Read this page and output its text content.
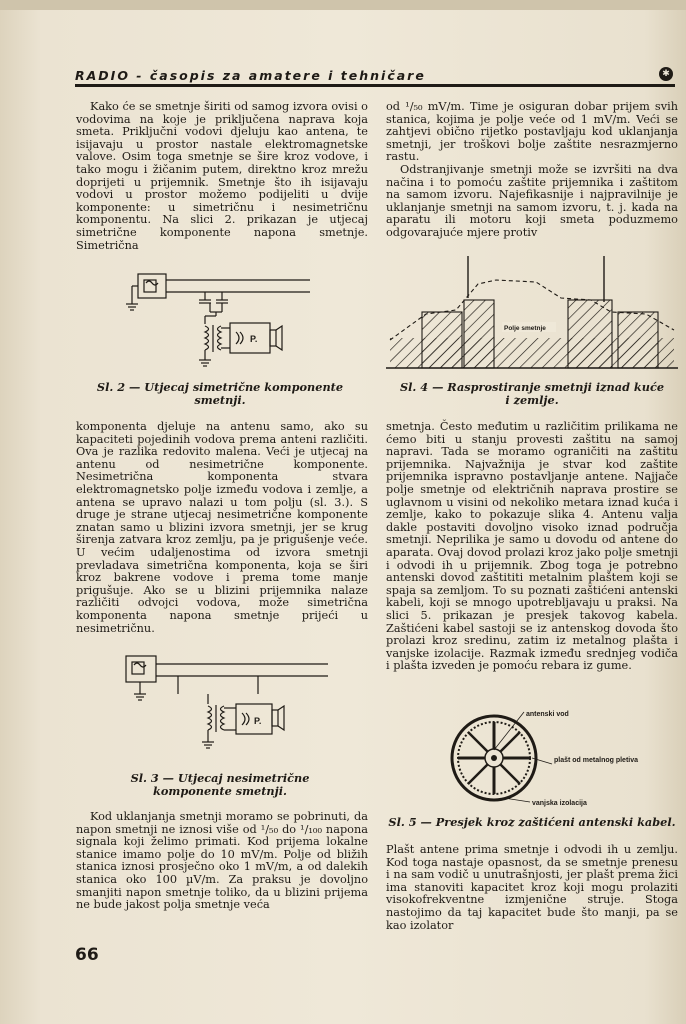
RADIO - časopis za amatere i tehničare	✱

Kako će se smetnje širiti od samog izvora ovisi o vodovima na koje je priključena naprava koja smeta. Priključni vodovi djeluju kao antena, te isijavaju u prostor nastale elektromagnetske valove. Osim toga smetnje se šire kroz vodove, i tako mogu i žičanim putem, direktno kroz mrežu doprijeti u prijemnik. Smetnje što ih isijavaju vodovi u prostor možemo podijeliti u dvije komponente: u simetričnu i nesimetričnu komponentu. Na slici 2. prikazan je utjecaj simetrične komponente napona smetnje. Simetrična

P.
Sl. 2 — Utjecaj simetrične komponente smetnji.

komponenta djeluje na antenu samo, ako su kapaciteti pojedinih vodova prema anteni različiti. Ova je razlika redovito malena. Veći je utjecaj na antenu od nesimetrične komponente. Nesimetrična komponenta stvara elektromagnetsko polje između vodova i zemlje, a antena se upravo nalazi u tom polju (sl. 3.). S druge je strane utjecaj nesimetrične komponente znatan samo u blizini izvora smetnji, jer se krug širenja zatvara kroz zemlju, pa je prigušenje veće. U većim udaljenostima od izvora smetnji prevladava simetrična komponenta, koja se širi kroz bakrene vodove i prema tome manje prigušuje. Ako se u blizini prijemnika nalaze različiti odvojci vodova, može simetrična komponenta napona smetnje prijeći u nesimetričnu.

P.
Sl. 3 — Utjecaj nesimetrične komponente smetnji.

Kod uklanjanja smetnji moramo se pobrinuti, da napon smetnji ne iznosi više od ¹/₅₀ do ¹/₁₀₀ napona signala koji želimo primati. Kod prijema lokalne stanice imamo polje do 10 mV/m. Polje od bližih stanica iznosi prosječno oko 1 mV/m, a od dalekih stanica oko 100 µV/m. Za praksu je dovoljno smanjiti napon smetnje toliko, da u blizini prijema ne bude jakost polja smetnje veća

66

od ¹/₅₀ mV/m. Time je osiguran dobar prijem svih stanica, kojima je polje veće od 1 mV/m. Veći se zahtjevi obično rijetko postavljaju kod uklanjanja smetnji, jer troškovi bolje zaštite nesrazmjerno rastu.

Odstranjivanje smetnji može se izvršiti na dva načina i to pomoću zaštite prijemnika i zaštitom na samom izvoru. Najefikasnije i najpravilnije je uklanjanje smetnji na samom izvoru, t. j. kada na aparatu ili motoru koji smeta poduzmemo odgovarajuće mjere protiv

Polje smetnje
Sl. 4 — Rasprostiranje smetnji iznad kuće i zemlje.

smetnja. Često međutim u različitim prilikama ne ćemo biti u stanju provesti zaštitu na samoj napravi. Tada se moramo ograničiti na zaštitu prijemnika. Najvažnija je stvar kod zaštite prijemnika ispravno postavljanje antene. Najjače polje smetnje od električnih naprava prostire se uglavnom u visini od nekoliko metara iznad kuća i zemlje, kako to pokazuje slika 4. Antenu valja dakle postaviti dovoljno visoko iznad područja smetnji. Neprilika je samo u dovodu od antene do aparata. Ovaj dovod prolazi kroz jako polje smetnji i odvodi ih u prijemnik. Zbog toga je potrebno antenski dovod zaštititi metalnim plaštem koji se spaja sa zemljom. To su poznati zaštićeni antenski kabeli, koji se mnogo upotrebljavaju u praksi. Na slici 5. prikazan je presjek takovog kabela. Zaštićeni kabel sastoji se iz antenskog dovoda što prolazi kroz sredinu, zatim iz metalnog plašta i vanjske izolacije. Razmak između srednjeg vodiča i plašta izveden je pomoću rebara iz gume.

antenski vod
plašt od metalnog pletiva
vanjska izolacija
Sl. 5 — Presjek kroz zaštićeni antenski kabel.

Plašt antene prima smetnje i odvodi ih u zemlju. Kod toga nastaje opasnost, da se smetnje prenesu i na sam vodič u unutrašnjosti, jer plašt prema žici ima stanoviti kapacitet kroz koji mogu prolaziti visokofrekventne izmjenične struje. Stoga nastojimo da taj kapacitet bude što manji, pa se kao izolator
